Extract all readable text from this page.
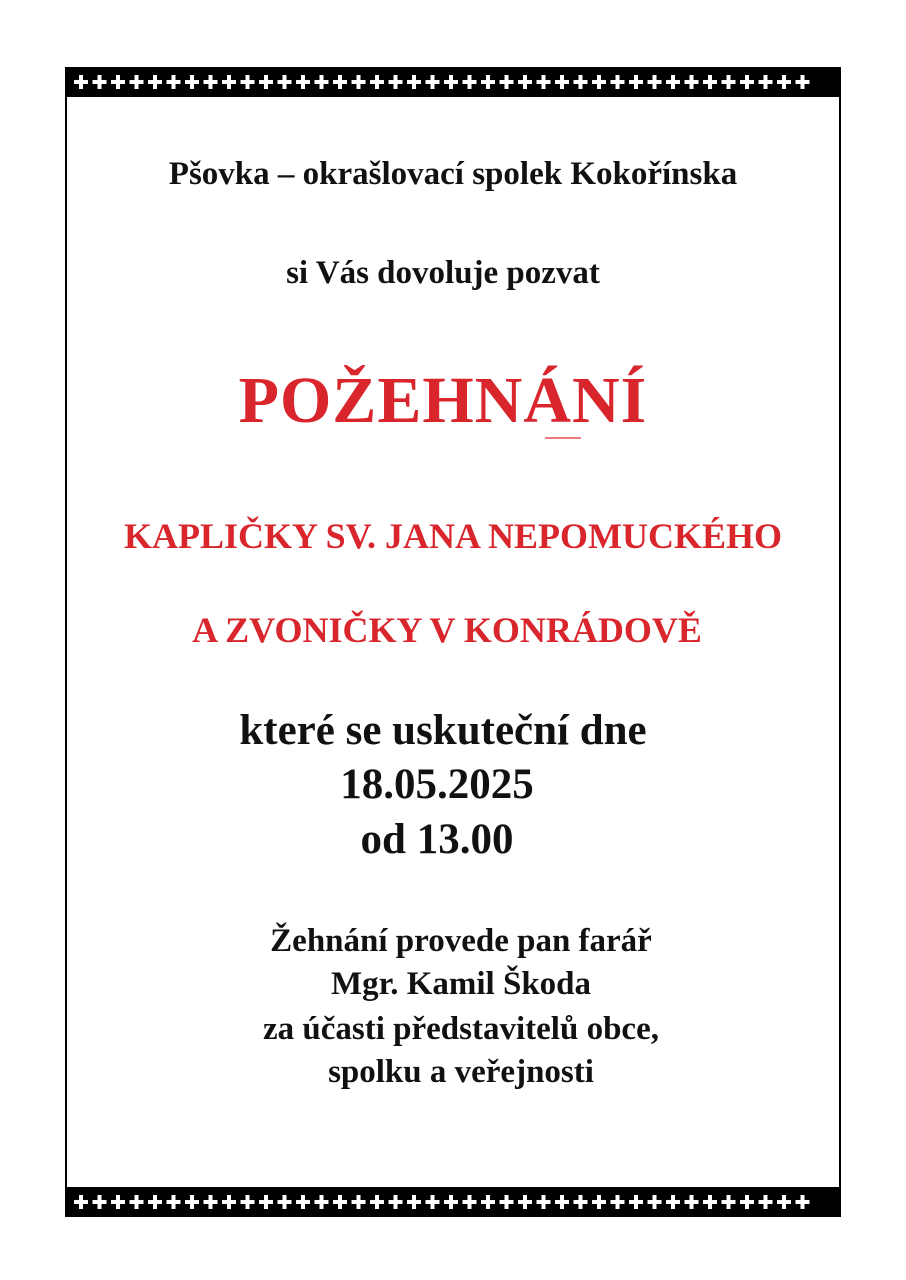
Pšovka – okrašlovací spolek Kokořínska
si Vás dovoluje pozvat
POŽEHNÁNÍ
KAPLIČKY SV. JANA NEPOMUCKÉHO
A ZVONIČKY V KONRÁDOVĚ
které se uskuteční dne
18.05.2025
od 13.00
Žehnání provede pan farář
Mgr. Kamil Škoda
za účasti představitelů obce,
spolku a veřejnosti
